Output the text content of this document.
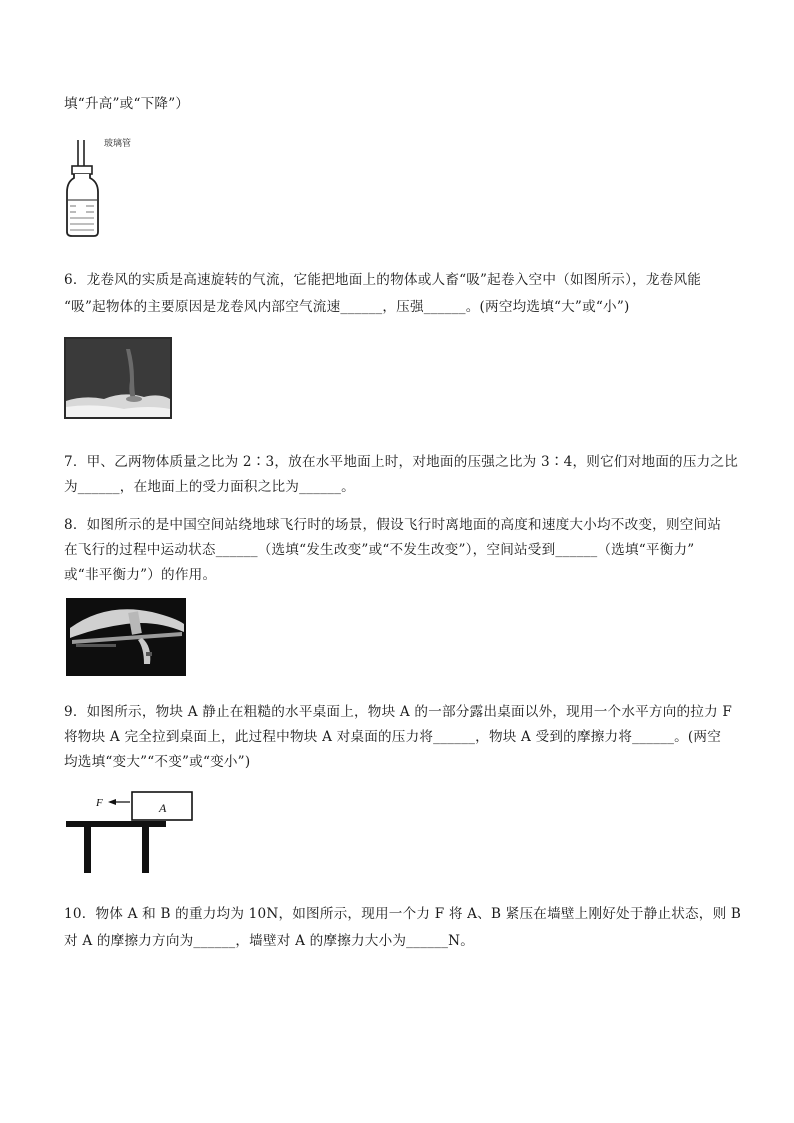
填“升高”或“下降”）
玻璃管
6．龙卷风的实质是高速旋转的气流，它能把地面上的物体或人畜“吸”起卷入空中（如图所示），龙卷风能
“吸”起物体的主要原因是龙卷风内部空气流速______，压强______。(两空均选填“大”或“小”)
7．甲、乙两物体质量之比为 2∶3，放在水平地面上时，对地面的压强之比为 3∶4，则它们对地面的压力之比
为______，在地面上的受力面积之比为______。
8．如图所示的是中国空间站绕地球飞行时的场景，假设飞行时离地面的高度和速度大小均不改变，则空间站
在飞行的过程中运动状态______（选填“发生改变”或“不发生改变”），空间站受到______（选填“平衡力”
或“非平衡力”）的作用。
9．如图所示，物块 A 静止在粗糙的水平桌面上，物块 A 的一部分露出桌面以外，现用一个水平方向的拉力 F
将物块 A 完全拉到桌面上，此过程中物块 A 对桌面的压力将______，物块 A 受到的摩擦力将______。(两空
均选填“变大”“不变”或“变小”)
A
F
10．物体 A 和 B 的重力均为 10N，如图所示，现用一个力 F 将 A、B 紧压在墙壁上刚好处于静止状态，则 B
对 A 的摩擦力方向为______，墙壁对 A 的摩擦力大小为______N。
